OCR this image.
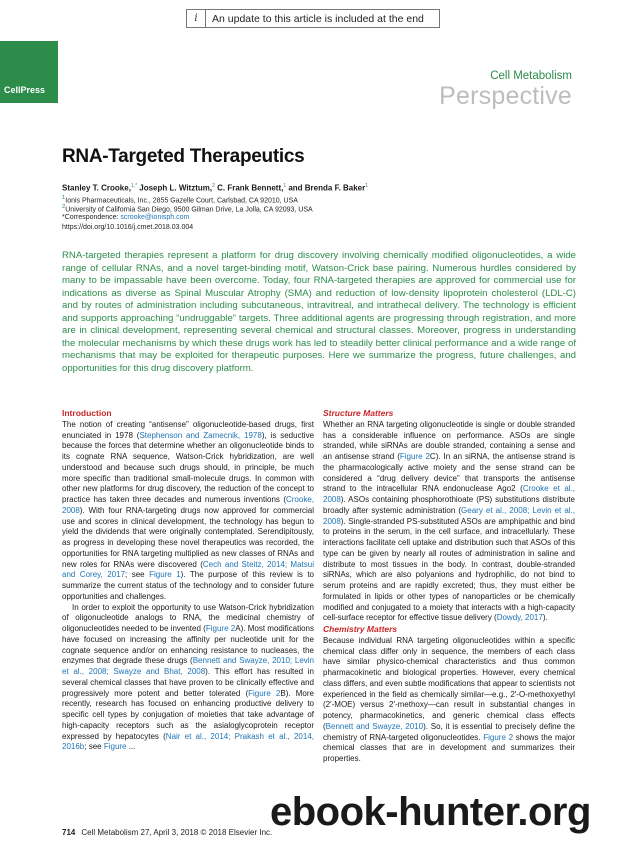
i	An update to this article is included at the end
CellPress
Cell Metabolism
Perspective
RNA-Targeted Therapeutics
Stanley T. Crooke,$^{1,*}$ Joseph L. Witztum,$^2$ C. Frank Bennett,$^1$ and Brenda F. Baker$^1$
$^1$Ionis Pharmaceuticals, Inc., 2855 Gazelle Court, Carlsbad, CA 92010, USA
$^2$University of California San Diego, 9500 Gilman Drive, La Jolla, CA 92093, USA
*Correspondence: scrooke@ionisph.com
https://doi.org/10.1016/j.cmet.2018.03.004

RNA-targeted therapies represent a platform for drug discovery involving chemically modified oligonucleotides, a wide range of cellular RNAs, and a novel target-binding motif, Watson-Crick base pairing. Numerous hurdles considered by many to be impassable have been overcome. Today, four RNA-targeted therapies are approved for commercial use for indications as diverse as Spinal Muscular Atrophy (SMA) and reduction of low-density lipoprotein cholesterol (LDL-C) and by routes of administration including subcutaneous, intravitreal, and intrathecal delivery. The technology is efficient and supports approaching “undruggable” targets. Three additional agents are progressing through registration, and more are in clinical development, representing several chemical and structural classes. Moreover, progress in understanding the molecular mechanisms by which these drugs work has led to steadily better clinical performance and a wide range of mechanisms that may be exploited for therapeutic purposes. Here we summarize the progress, future challenges, and opportunities for this drug discovery platform.

Introduction

The notion of creating “antisense” oligonucleotide-based drugs, first enunciated in 1978 (Stephenson and Zamecnik, 1978), is seductive because the forces that determine whether an oligonucleotide binds to its cognate RNA sequence, Watson-Crick hybridization, are well understood and because such drugs should, in principle, be much more specific than traditional small-molecule drugs. In common with other new platforms for drug discovery, the reduction of the concept to practice has taken three decades and numerous inventions (Crooke, 2008). With four RNA-targeting drugs now approved for commercial use and scores in clinical development, the technology has begun to yield the dividends that were originally contemplated. Serendipitously, as progress in developing these novel therapeutics was recorded, the opportunities for RNA targeting multiplied as new classes of RNAs and new roles for RNAs were discovered (Cech and Steitz, 2014; Matsui and Corey, 2017; see Figure 1). The purpose of this review is to summarize the current status of the technology and to consider future opportunities and challenges.

In order to exploit the opportunity to use Watson-Crick hybridization of oligonucleotide analogs to RNA, the medicinal chemistry of oligonucleotides needed to be invented (Figure 2A). Most modifications have focused on increasing the affinity per nucleotide unit for the cognate sequence and/or on enhancing resistance to nucleases, the enzymes that degrade these drugs (Bennett and Swayze, 2010; Levin et al., 2008; Swayze and Bhat, 2008). This effort has resulted in several chemical classes that have proven to be clinically effective and progressively more potent and better tolerated (Figure 2B). More recently, research has focused on enhancing productive delivery to specific cell types by conjugation of moieties that take advantage of high-capacity receptors such as the asialoglycoprotein receptor expressed by hepatocytes (Nair et al., 2014; Prakash et al., 2014, 2016b; see Figure ...

Structure Matters

Whether an RNA targeting oligonucleotide is single or double stranded has a considerable influence on performance. ASOs are single stranded, while siRNAs are double stranded, containing a sense and an antisense strand (Figure 2C). In an siRNA, the antisense strand is the pharmacologically active moiety and the sense strand can be considered a “drug delivery device” that transports the antisense strand to the intracellular RNA endonuclease Ago2 (Crooke et al., 2008). ASOs containing phosphorothioate (PS) substitutions distribute broadly after systemic administration (Geary et al., 2008; Levin et al., 2008). Single-stranded PS-substituted ASOs are amphipathic and bind to proteins in the serum, in the cell surface, and intracellularly. These interactions facilitate cell uptake and distribution such that ASOs of this type can be given by nearly all routes of administration in saline and distribute to most tissues in the body. In contrast, double-stranded siRNAs, which are also polyanions and hydrophilic, do not bind to serum proteins and are rapidly excreted; thus, they must either be formulated in lipids or other types of nanoparticles or be chemically modified and conjugated to a moiety that interacts with a high-capacity cell-surface receptor for effective tissue delivery (Dowdy, 2017).

Chemistry Matters

Because individual RNA targeting oligonucleotides within a specific chemical class differ only in sequence, the members of each class have similar physico-chemical characteristics and thus common pharmacokinetic and biological properties. However, every chemical class differs, and even subtle modifications that appear to scientists not experienced in the field as chemically similar—e.g., 2′-O-methoxyethyl (2′-MOE) versus 2′-methoxy—can result in substantial changes in potency, pharmacokinetics, and generic chemical class effects (Bennett and Swayze, 2010). So, it is essential to precisely define the chemistry of RNA-targeted oligonucleotides. Figure 2 shows the major chemical classes that are in development and summarizes their properties.

714 Cell Metabolism 27, April 3, 2018 © 2018 Elsevier Inc.
ebook-hunter.org
